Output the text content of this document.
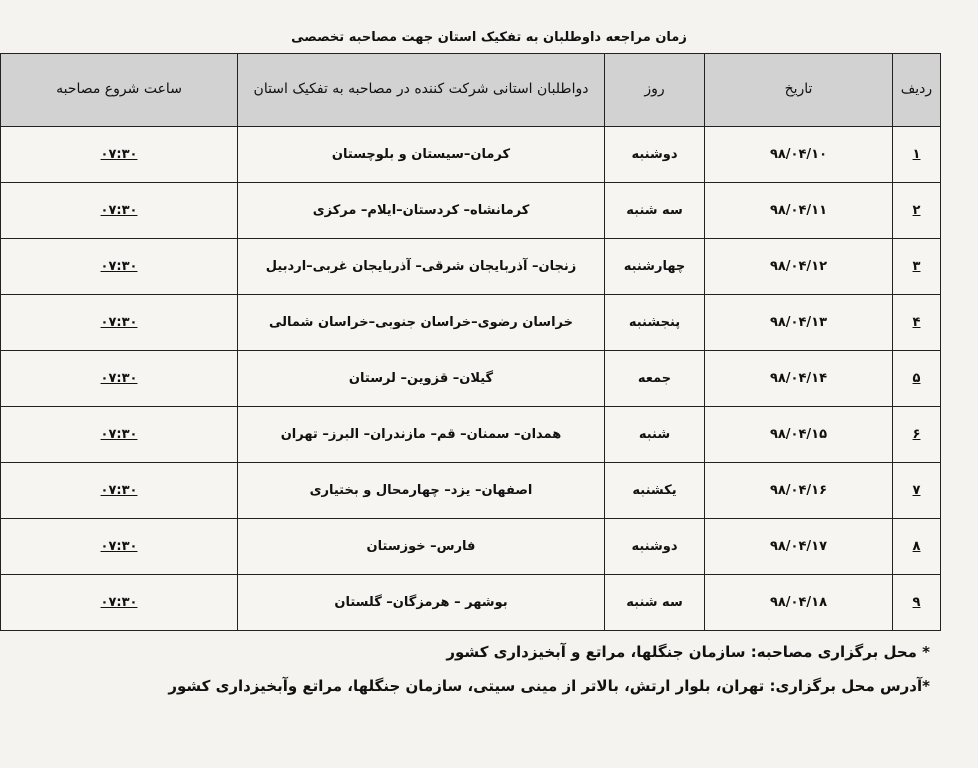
زمان مراجعه داوطلبان به تفکیک استان جهت مصاحبه تخصصی
ردیف	تاریخ	روز	دواطلبان استانی شرکت کننده در مصاحبه به تفکیک استان	ساعت شروع مصاحبه
۱	۹۸/۰۴/۱۰	دوشنبه	کرمان–سیستان و بلوچستان	۰۷:۳۰
۲	۹۸/۰۴/۱۱	سه شنبه	کرمانشاه– کردستان–ایلام– مرکزی	۰۷:۳۰
۳	۹۸/۰۴/۱۲	چهارشنبه	زنجان– آذربایجان شرقی– آذربایجان غربی–اردبیل	۰۷:۳۰
۴	۹۸/۰۴/۱۳	پنجشنبه	خراسان رضوی–خراسان جنوبی–خراسان شمالی	۰۷:۳۰
۵	۹۸/۰۴/۱۴	جمعه	گیلان– قزوین– لرستان	۰۷:۳۰
۶	۹۸/۰۴/۱۵	شنبه	همدان– سمنان– قم– مازندران– البرز– تهران	۰۷:۳۰
۷	۹۸/۰۴/۱۶	یکشنبه	اصفهان– یزد– چهارمحال و بختیاری	۰۷:۳۰
۸	۹۸/۰۴/۱۷	دوشنبه	فارس– خوزستان	۰۷:۳۰
۹	۹۸/۰۴/۱۸	سه شنبه	بوشهر – هرمزگان– گلستان	۰۷:۳۰
* محل برگزاری مصاحبه: سازمان جنگلها، مراتع و آبخیزداری کشور
*آدرس محل برگزاری: تهران، بلوار ارتش، بالاتر از مینی سیتی، سازمان جنگلها، مراتع وآبخیزداری کشور
